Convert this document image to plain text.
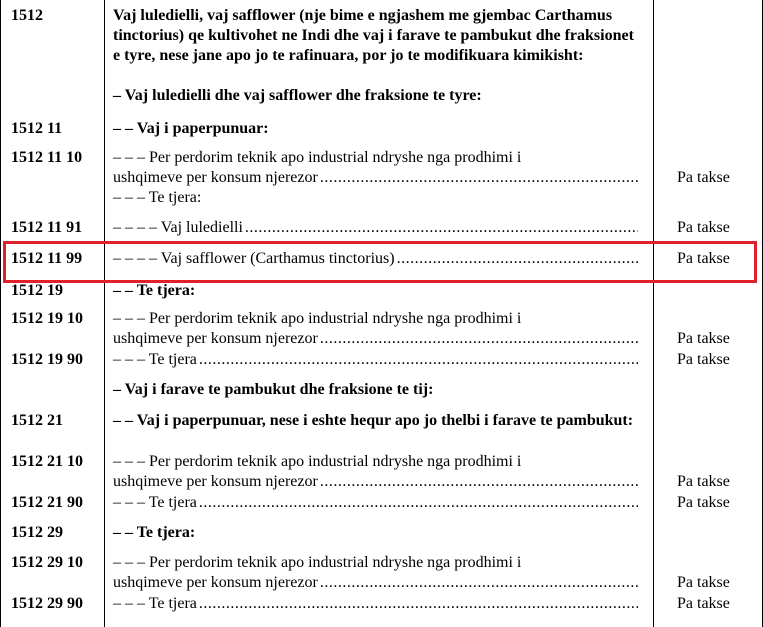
1512	Vaj luledielli, vaj safflower (nje bime e ngjashem me gjembac Carthamus tinctorius) qe kultivohet ne Indi dhe vaj i farave te pambukut dhe fraksionet e tyre, nese jane apo jo te rafinuara, por jo te modifikuara kimikisht:
– Vaj luledielli dhe vaj safflower dhe fraksione te tyre:
1512 11	– – Vaj i paperpunuar:
1512 11 10 – – – Per perdorim teknik apo industrial ndryshe nga prodhimi i
ushqimeve per konsum njerezor .....	Pa takse
– – – Te tjera:
1512 11 91 – – – – Vaj luledielli .....	Pa takse
1512 11 99 – – – – Vaj safflower (Carthamus tinctorius) .....	Pa takse
1512 19	– – Te tjera:
1512 19 10 – – – Per perdorim teknik apo industrial ndryshe nga prodhimi i
ushqimeve per konsum njerezor .....	Pa takse
1512 19 90 – – – Te tjera .....	Pa takse
– Vaj i farave te pambukut dhe fraksione te tij:
1512 21	– – Vaj i paperpunuar, nese i eshte hequr apo jo thelbi i farave te pambukut:
1512 21 10 – – – Per perdorim teknik apo industrial ndryshe nga prodhimi i
ushqimeve per konsum njerezor .....	Pa takse
1512 21 90 – – – Te tjera .....	Pa takse
1512 29	– – Te tjera:
1512 29 10 – – – Per perdorim teknik apo industrial ndryshe nga prodhimi i
ushqimeve per konsum njerezor .....	Pa takse
1512 29 90 – – – Te tjera .....	Pa takse
